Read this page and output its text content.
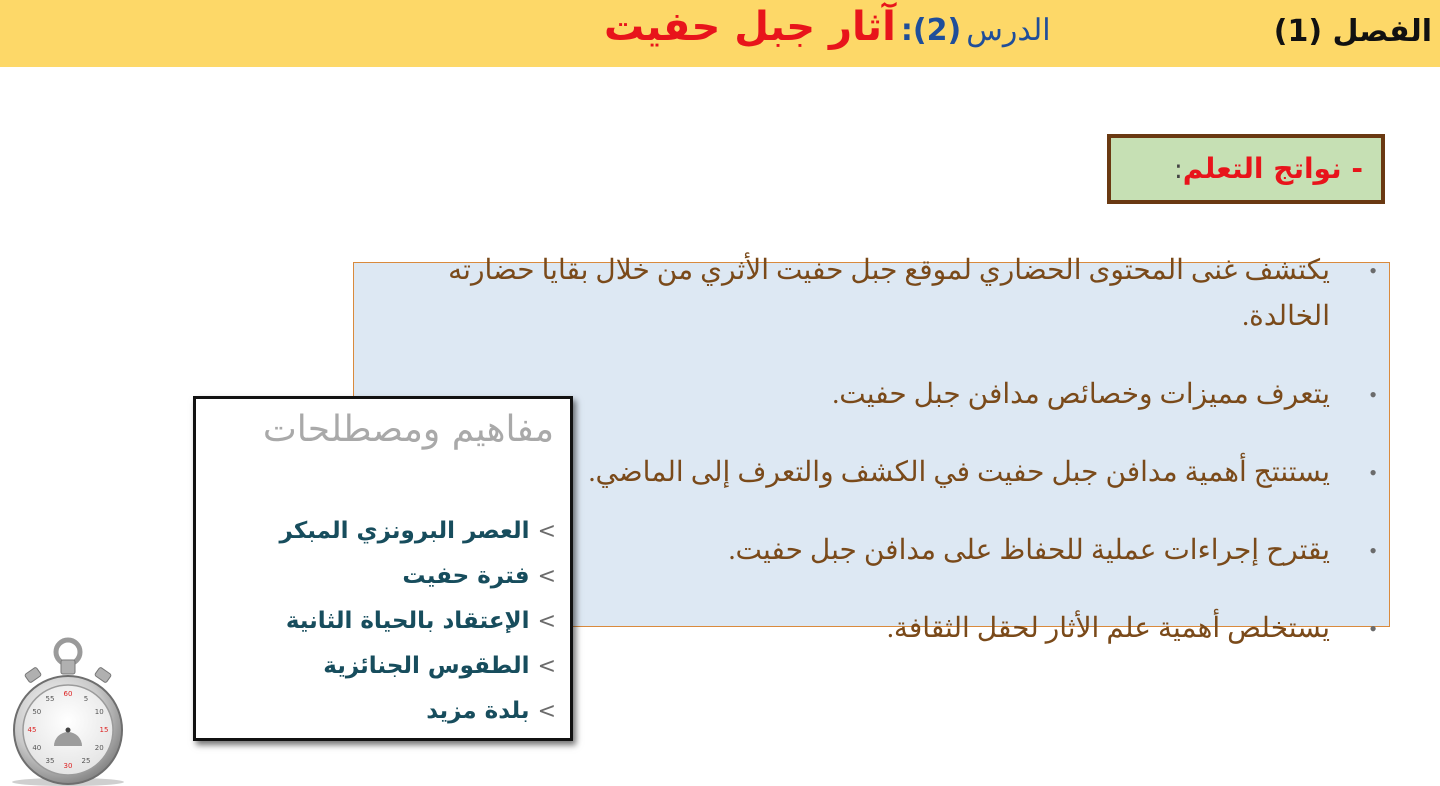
الفصل (1)
الدرس (2): آثار جبل حفيت
- نواتج التعلم:
•
يكتشف غنى المحتوى الحضاري لموقع جبل حفيت الأثري من خلال بقايا حضارته الخالدة.
•
يتعرف مميزات وخصائص مدافن جبل حفيت.
•
يستنتج أهمية مدافن جبل حفيت في الكشف والتعرف إلى الماضي.
•
يقترح إجراءات عملية للحفاظ على مدافن جبل حفيت.
•
يستخلص أهمية علم الأثار لحقل الثقافة.
مفاهيم ومصطلحات
>العصر البرونزي المبكر
>فترة حفيت
>الإعتقاد بالحياة الثانية
>الطقوس الجنائزية
>بلدة مزيد
60
5
10
15
20
25
30
35
40
45
50
55
